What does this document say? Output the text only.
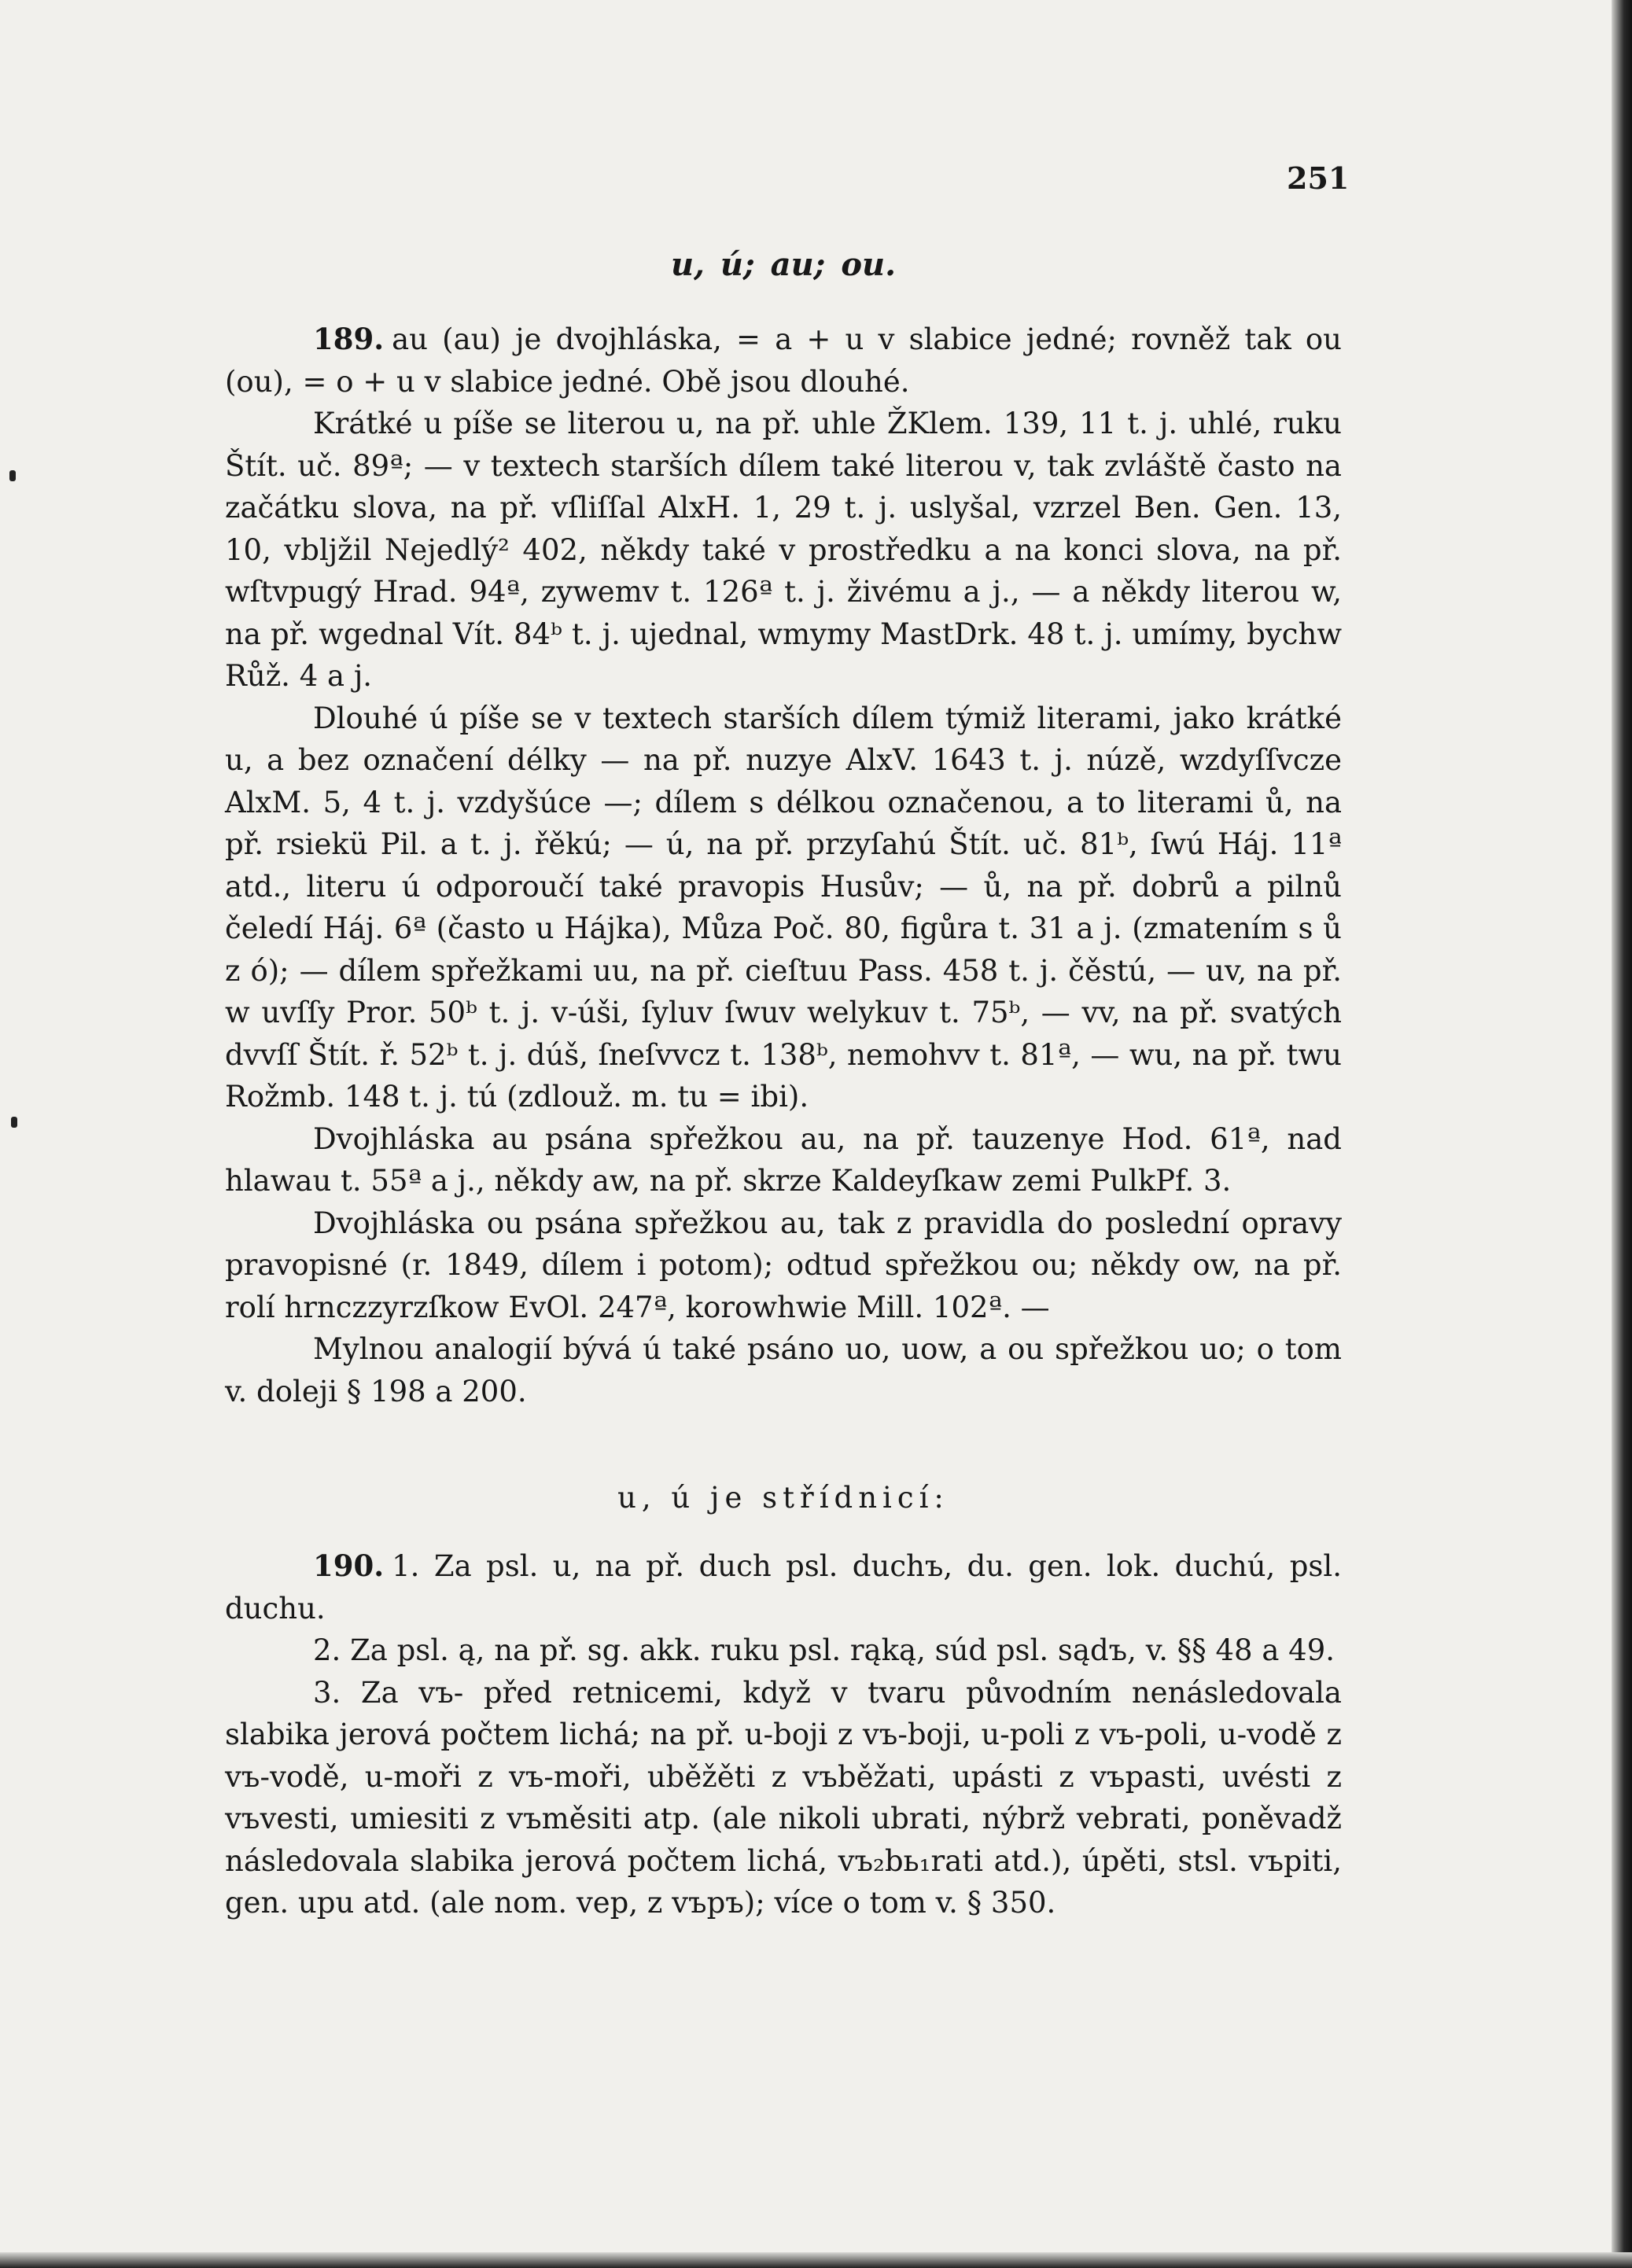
251
u, ú; au; ou.

189. au (au) je dvojhláska, = a + u v slabice jedné; rovněž tak ou (ou), = o + u v slabice jedné. Obě jsou dlouhé.

Krátké u píše se literou u, na př. uhle ŽKlem. 139, 11 t. j. uhlé, ruku Štít. uč. 89ª; — v textech starších dílem také literou v, tak zvláště často na začátku slova, na př. vſliſſal AlxH. 1, 29 t. j. uslyšal, vzrzel Ben. Gen. 13, 10, vbljžil Nejedlý² 402, někdy také v prostředku a na konci slova, na př. wſtvpugý Hrad. 94ª, zywemv t. 126ª t. j. živému a j., — a někdy literou w, na př. wgednal Vít. 84ᵇ t. j. ujednal, wmymy MastDrk. 48 t. j. umímy, bychw Růž. 4 a j.

Dlouhé ú píše se v textech starších dílem týmiž literami, jako krátké u, a bez označení délky — na př. nuzye AlxV. 1643 t. j. núzě, wzdyſſvcze AlxM. 5, 4 t. j. vzdyšúce —; dílem s délkou označenou, a to literami ů, na př. rsiekü Pil. a t. j. řěkú; — ú, na př. przyſahú Štít. uč. 81ᵇ, ſwú Háj. 11ª atd., literu ú odporoučí také pravopis Husův; — ů, na př. dobrů a pilnů čeledí Háj. 6ª (často u Hájka), Můza Poč. 80, figůra t. 31 a j. (zmatením s ů z ó); — dílem spřežkami uu, na př. cieſtuu Pass. 458 t. j. čěstú, — uv, na př. w uvſſy Pror. 50ᵇ t. j. v-úši, ſyluv ſwuv welykuv t. 75ᵇ, — vv, na př. svatých dvvſſ Štít. ř. 52ᵇ t. j. dúš, ſneſvvcz t. 138ᵇ, nemohvv t. 81ª, — wu, na př. twu Rožmb. 148 t. j. tú (zdlouž. m. tu = ibi).

Dvojhláska au psána spřežkou au, na př. tauzenye Hod. 61ª, nad hlawau t. 55ª a j., někdy aw, na př. skrze Kaldeyſkaw zemi PulkPf. 3.

Dvojhláska ou psána spřežkou au, tak z pravidla do poslední opravy pravopisné (r. 1849, dílem i potom); odtud spřežkou ou; někdy ow, na př. rolí hrnczzyrzſkow EvOl. 247ª, korowhwie Mill. 102ª. —

Mylnou analogií bývá ú také psáno uo, uow, a ou spřežkou uo; o tom v. doleji § 198 a 200.

u, ú je střídnicí:

190. 1. Za psl. u, na př. duch psl. duchъ, du. gen. lok. duchú, psl. duchu.

2. Za psl. ą, na př. sg. akk. ruku psl. rąką, súd psl. sądъ, v. §§ 48 a 49.

3. Za vъ- před retnicemi, když v tvaru původním nenásledovala slabika jerová počtem lichá; na př. u-boji z vъ-boji, u-poli z vъ-poli, u-vodě z vъ-vodě, u-moři z vъ-moři, uběžěti z vъběžati, upásti z vъpasti, uvésti z vъvesti, umiesiti z vъměsiti atp. (ale nikoli ubrati, nýbrž vebrati, poněvadž následovala slabika jerová počtem lichá, vъ₂bь₁rati atd.), úpěti, stsl. vъpiti, gen. upu atd. (ale nom. vep, z vъpъ); více o tom v. § 350.
